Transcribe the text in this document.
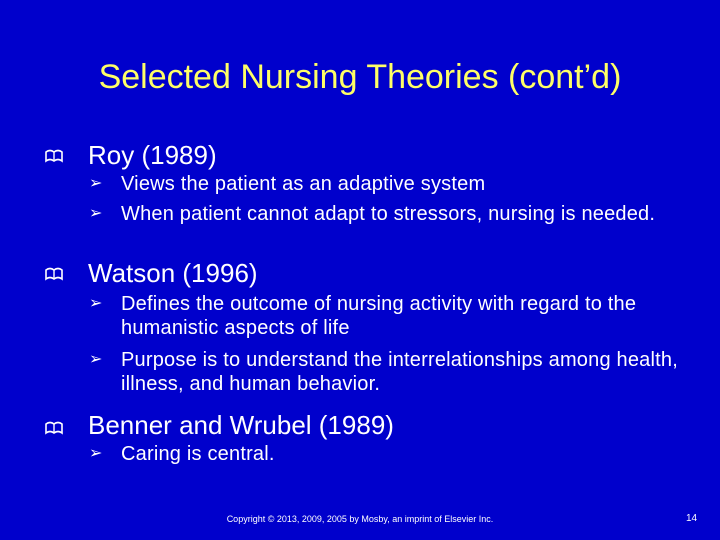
Selected Nursing Theories (cont’d)
Roy (1989)
➢ Views the patient as an adaptive system
➢ When patient cannot adapt to stressors, nursing is needed.
Watson (1996)
➢ Defines the outcome of nursing activity with regard to the humanistic aspects of life
➢ Purpose is to understand the interrelationships among health, illness, and human behavior.
Benner and Wrubel (1989)
➢ Caring is central.
Copyright © 2013, 2009, 2005 by Mosby, an imprint of Elsevier Inc.	14
